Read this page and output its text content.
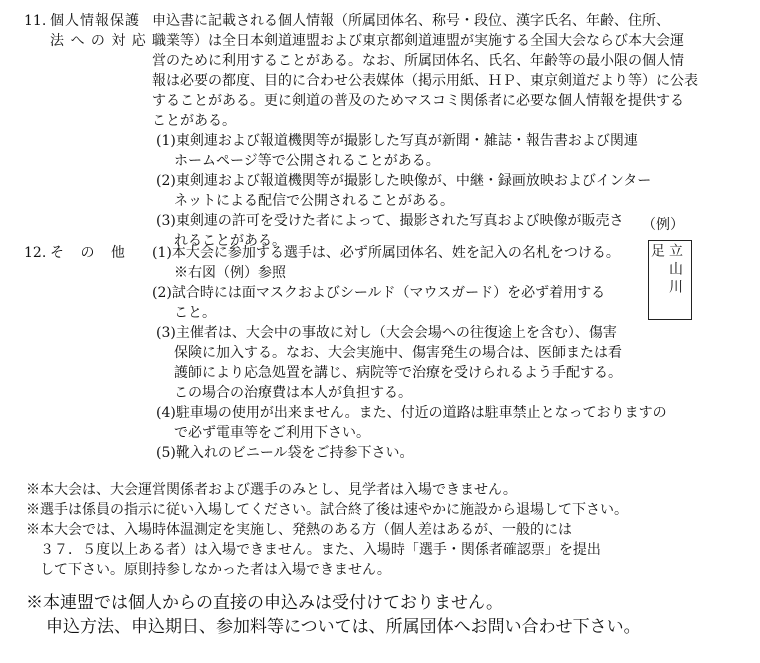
11. 個人情報保護
法 へ の 対 応
申込書に記載される個人情報（所属団体名、称号・段位、漢字氏名、年齢、住所、
職業等）は全日本剣道連盟および東京都剣道連盟が実施する全国大会ならび本大会運
営のために利用することがある。なお、所属団体名、氏名、年齢等の最小限の個人情
報は必要の都度、目的に合わせ公表媒体（掲示用紙、ＨＰ、東京剣道だより等）に公表
することがある。更に剣道の普及のためマスコミ関係者に必要な個人情報を提供する
ことがある。
(1)東剣連および報道機関等が撮影した写真が新聞・雑誌・報告書および関連
ホームページ等で公開されることがある。
(2)東剣連および報道機関等が撮影した映像が、中継・録画放映およびインター
ネットによる配信で公開されることがある。
(3)東剣連の許可を受けた者によって、撮影された写真および映像が販売さ
れることがある。
（例）
立山川
足
12. そ の 他 (1)本大会に参加する選手は、必ず所属団体名、姓を記入の名札をつける。
※右図（例）参照
(2)試合時には面マスクおよびシールド（マウスガード）を必ず着用する
こと。
(3)主催者は、大会中の事故に対し（大会会場への往復途上を含む）、傷害
保険に加入する。なお、大会実施中、傷害発生の場合は、医師または看
護師により応急処置を講じ、病院等で治療を受けられるよう手配する。
この場合の治療費は本人が負担する。
(4)駐車場の使用が出来ません。また、付近の道路は駐車禁止となっておりますの
で必ず電車等をご利用下さい。
(5)靴入れのビニール袋をご持参下さい。
※本大会は、大会運営関係者および選手のみとし、見学者は入場できません。
※選手は係員の指示に従い入場してください。試合終了後は速やかに施設から退場して下さい。
※本大会では、入場時体温測定を実施し、発熱のある方（個人差はあるが、一般的には
３７．５度以上ある者）は入場できません。また、入場時「選手・関係者確認票」を提出
して下さい。原則持参しなかった者は入場できません。
※本連盟では個人からの直接の申込みは受付けておりません。
申込方法、申込期日、参加料等については、所属団体へお問い合わせ下さい。
